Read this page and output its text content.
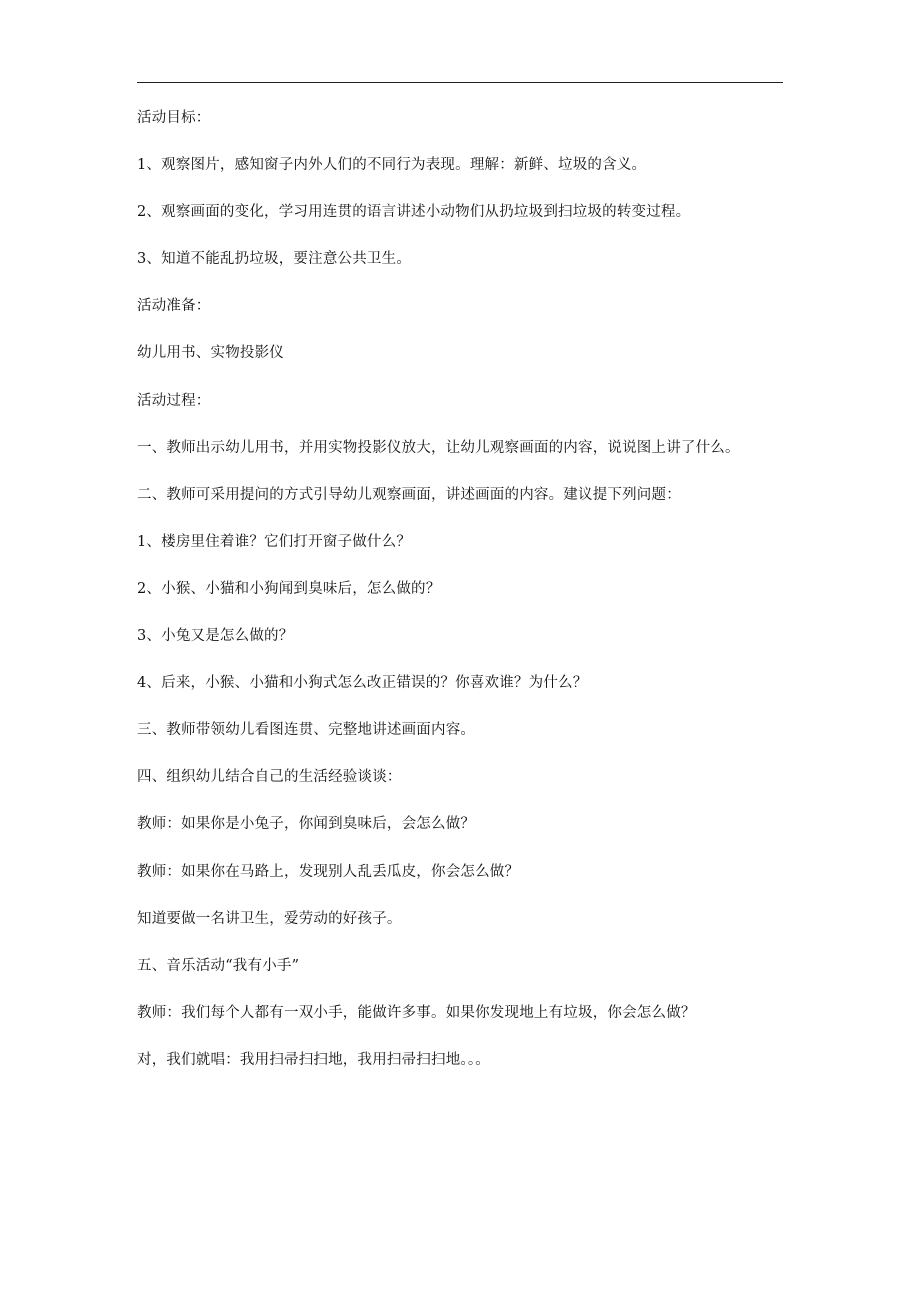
活动目标：

1、观察图片，感知窗子内外人们的不同行为表现。理解：新鲜、垃圾的含义。

2、观察画面的变化，学习用连贯的语言讲述小动物们从扔垃圾到扫垃圾的转变过程。

3、知道不能乱扔垃圾，要注意公共卫生。

活动准备：

幼儿用书、实物投影仪

活动过程：

一、教师出示幼儿用书，并用实物投影仪放大，让幼儿观察画面的内容，说说图上讲了什么。

二、教师可采用提问的方式引导幼儿观察画面，讲述画面的内容。建议提下列问题：

1、楼房里住着谁？它们打开窗子做什么？

2、小猴、小猫和小狗闻到臭味后，怎么做的？

3、小兔又是怎么做的？

4、后来，小猴、小猫和小狗式怎么改正错误的？你喜欢谁？为什么？

三、教师带领幼儿看图连贯、完整地讲述画面内容。

四、组织幼儿结合自己的生活经验谈谈：

教师：如果你是小兔子，你闻到臭味后，会怎么做？

教师：如果你在马路上，发现别人乱丢瓜皮，你会怎么做？

知道要做一名讲卫生，爱劳动的好孩子。

五、音乐活动“我有小手”

教师：我们每个人都有一双小手，能做许多事。如果你发现地上有垃圾，你会怎么做？

对，我们就唱：我用扫帚扫扫地，我用扫帚扫扫地。。。
